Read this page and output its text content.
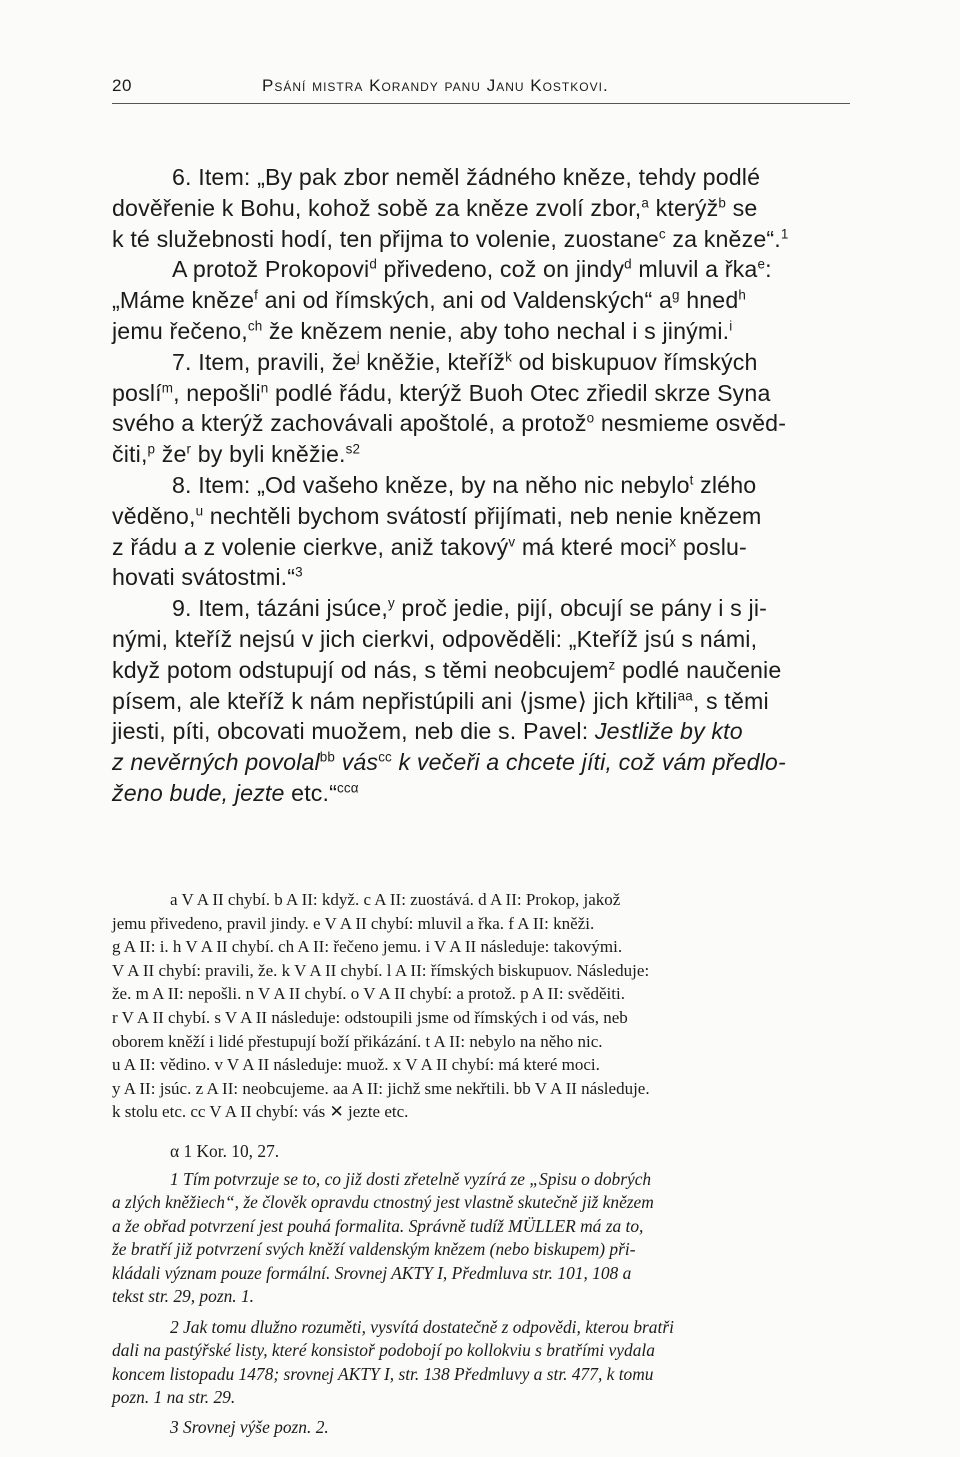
20	Psání mistra Korandy panu Janu Kostkovi.

6. Item: „By pak zbor neměl žádného kněze, tehdy podlé
dověřenie k Bohu, kohož sobě za kněze zvolí zbor,$^a$ kterýž$^b$ se
k té služebnosti hodí, ten přijma to volenie, zuostane$^c$ za kněze“.$^1$

A protož Prokopovi$^d$ přivedeno, což on jindy$^d$ mluvil a řka$^e$:
„Máme kněze$^f$ ani od římských, ani od Valdenských“ $a^g$ hned$^h$
jemu řečeno,$^{ch}$ že knězem nenie, aby toho nechal i s jinými.$^i$

7. Item, pravili, $že^j$ kněžie, kteříž$^k$ od biskupuov římských
poslí$^m$, nepošli$^n$ podlé řádu, kterýž Buoh Otec zřiedil skrze Syna
svého a kterýž zachovávali apoštolé, a protož$^o$ nesmieme osvěd-
čiti,$^p$ $že^r$ by byli kněžie.$^{s2}$

8. Item: „Od vašeho kněze, by na něho nic nebylo$^t$ zlého
věděno,$^u$ nechtěli bychom svátostí přijímati, neb nenie knězem
z řádu a z volenie cierkve, aniž takový$^v$ má které moci$^x$ poslu-
hovati svátostmi.“$^3$

9. Item, tázáni jsúce,$^y$ proč jedie, pijí, obcují se pány i s ji-
nými, kteříž nejsú v jich cierkvi, odpověděli: „Kteříž jsú s námi,
když potom odstupují od nás, s těmi neobcujem$^z$ podlé naučenie
písem, ale kteříž k nám nepřistúpili ani ⟨jsme⟩ jich křtili$^{aa}$, s těmi
jiesti, píti, obcovati muožem, neb die s. Pavel: Jestliže by kto
z nevěrných povolal$^{bb}$ vás$^{cc}$ k večeři a chcete jíti, což vám předlo-
ženo bude, jezte etc.“$^{cc\alpha}$

a V A II chybí. b A II: když. c A II: zuostává. d A II: Prokop, jakož
jemu přivedeno, pravil jindy. e V A II chybí: mluvil a řka. f A II: kněži.
g A II: i. h V A II chybí. ch A II: řečeno jemu. i V A II následuje: takovými.
V A II chybí: pravili, že. k V A II chybí. l A II: římských biskupuov. Následuje:
že. m A II: nepošli. n V A II chybí. o V A II chybí: a protož. p A II: svěděiti.
r V A II chybí. s V A II následuje: odstoupili jsme od římských i od vás, neb
oborem kněží i lidé přestupují boží přikázání. t A II: nebylo na něho nic.
u A II: vědino. v V A II následuje: muož. x V A II chybí: má které moci.
y A II: jsúc. z A II: neobcujeme. aa A II: jichž sme nekřtili. bb V A II následuje.
k stolu etc. cc V A II chybí: vás ✕ jezte etc.
α 1 Kor. 10, 27.
1 Tím potvrzuje se to, co již dosti zřetelně vyzírá ze „Spisu o dobrých
a zlých kněžiech“, že člověk opravdu ctnostný jest vlastně skutečně již knězem
a že obřad potvrzení jest pouhá formalita. Správně tudíž MÜLLER má za to,
že bratří již potvrzení svých kněží valdenským knězem (nebo biskupem) při-
kládali význam pouze formální. Srovnej AKTY I, Předmluva str. 101, 108 a
tekst str. 29, pozn. 1.
2 Jak tomu dlužno rozuměti, vysvítá dostatečně z odpovědi, kterou bratři
dali na pastýřské listy, které konsistoř podobojí po kollokviu s bratřími vydala
koncem listopadu 1478; srovnej AKTY I, str. 138 Předmluvy a str. 477, k tomu
pozn. 1 na str. 29.
3 Srovnej výše pozn. 2.
